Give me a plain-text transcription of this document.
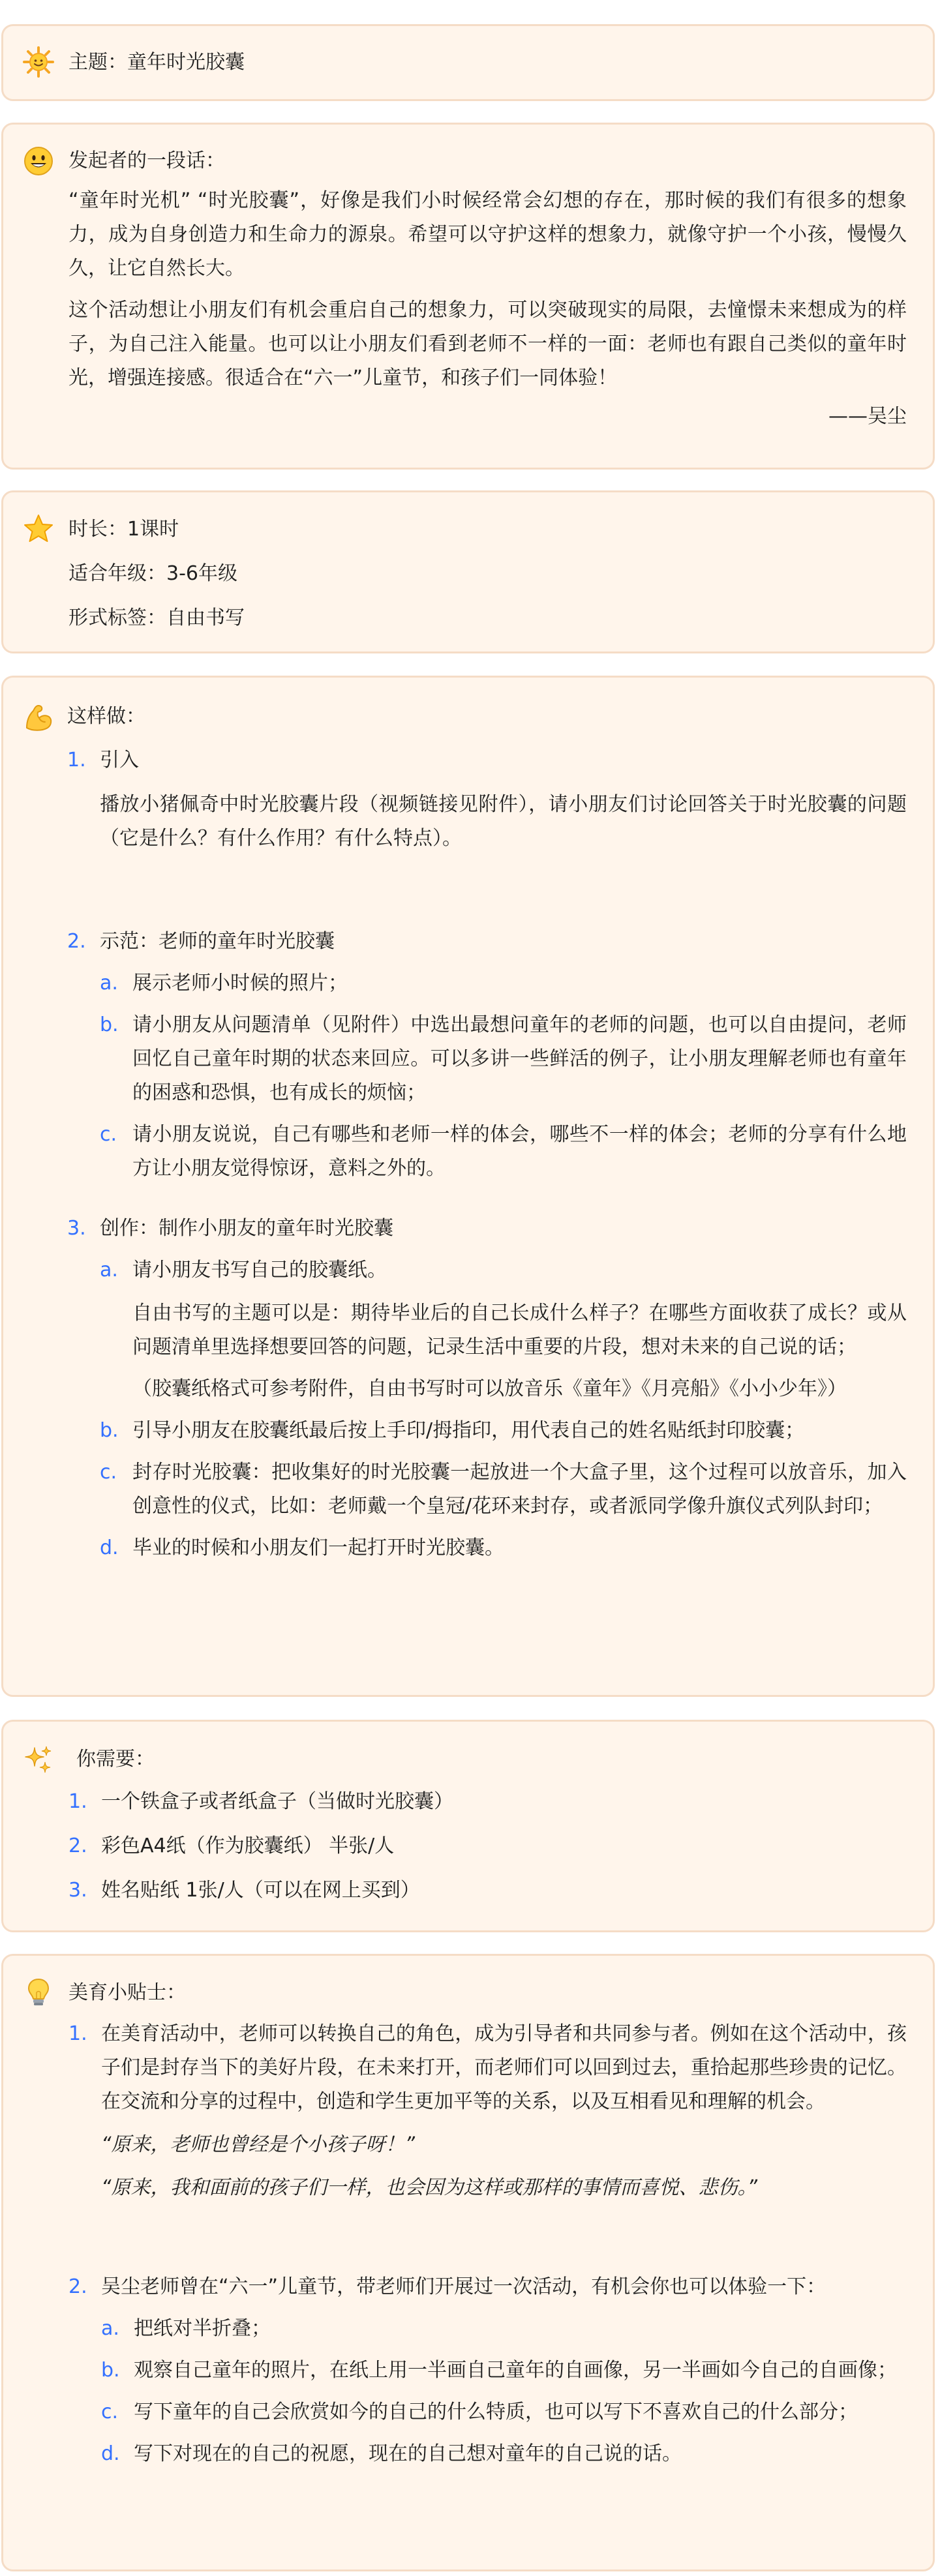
主题：童年时光胶囊

发起者的一段话：

“童年时光机” “时光胶囊”，好像是我们小时候经常会幻想的存在，那时候的我们有很多的想象力，成为自身创造力和生命力的源泉。希望可以守护这样的想象力，就像守护一个小孩，慢慢久久，让它自然长大。

这个活动想让小朋友们有机会重启自己的想象力，可以突破现实的局限，去憧憬未来想成为的样子，为自己注入能量。也可以让小朋友们看到老师不一样的一面：老师也有跟自己类似的童年时光，增强连接感。很适合在“六一”儿童节，和孩子们一同体验！

——吴尘

时长：1课时

适合年级：3-6年级

形式标签：自由书写

这样做：

1. 引入

播放小猪佩奇中时光胶囊片段（视频链接见附件），请小朋友们讨论回答关于时光胶囊的问题（它是什么？有什么作用？有什么特点）。

2. 示范：老师的童年时光胶囊

a. 展示老师小时候的照片；

b. 请小朋友从问题清单（见附件）中选出最想问童年的老师的问题，也可以自由提问，老师回忆自己童年时期的状态来回应。可以多讲一些鲜活的例子，让小朋友理解老师也有童年的困惑和恐惧，也有成长的烦恼；

c. 请小朋友说说，自己有哪些和老师一样的体会，哪些不一样的体会；老师的分享有什么地方让小朋友觉得惊讶，意料之外的。

3. 创作：制作小朋友的童年时光胶囊

a. 请小朋友书写自己的胶囊纸。

自由书写的主题可以是：期待毕业后的自己长成什么样子？在哪些方面收获了成长？或从问题清单里选择想要回答的问题，记录生活中重要的片段，想对未来的自己说的话；

（胶囊纸格式可参考附件，自由书写时可以放音乐《童年》《月亮船》《小小少年》）

b. 引导小朋友在胶囊纸最后按上手印/拇指印，用代表自己的姓名贴纸封印胶囊；

c. 封存时光胶囊：把收集好的时光胶囊一起放进一个大盒子里，这个过程可以放音乐，加入创意性的仪式，比如：老师戴一个皇冠/花环来封存，或者派同学像升旗仪式列队封印；

d. 毕业的时候和小朋友们一起打开时光胶囊。

你需要：

1. 一个铁盒子或者纸盒子（当做时光胶囊）

2. 彩色A4纸（作为胶囊纸） 半张/人

3. 姓名贴纸 1张/人（可以在网上买到）

美育小贴士：

1. 在美育活动中，老师可以转换自己的角色，成为引导者和共同参与者。例如在这个活动中，孩子们是封存当下的美好片段，在未来打开，而老师们可以回到过去，重拾起那些珍贵的记忆。在交流和分享的过程中，创造和学生更加平等的关系，以及互相看见和理解的机会。

“原来，老师也曾经是个小孩子呀！”

“原来，我和面前的孩子们一样，也会因为这样或那样的事情而喜悦、悲伤。”

2. 吴尘老师曾在“六一”儿童节，带老师们开展过一次活动，有机会你也可以体验一下：

a. 把纸对半折叠；

b. 观察自己童年的照片，在纸上用一半画自己童年的自画像，另一半画如今自己的自画像；

c. 写下童年的自己会欣赏如今的自己的什么特质，也可以写下不喜欢自己的什么部分；

d. 写下对现在的自己的祝愿，现在的自己想对童年的自己说的话。
